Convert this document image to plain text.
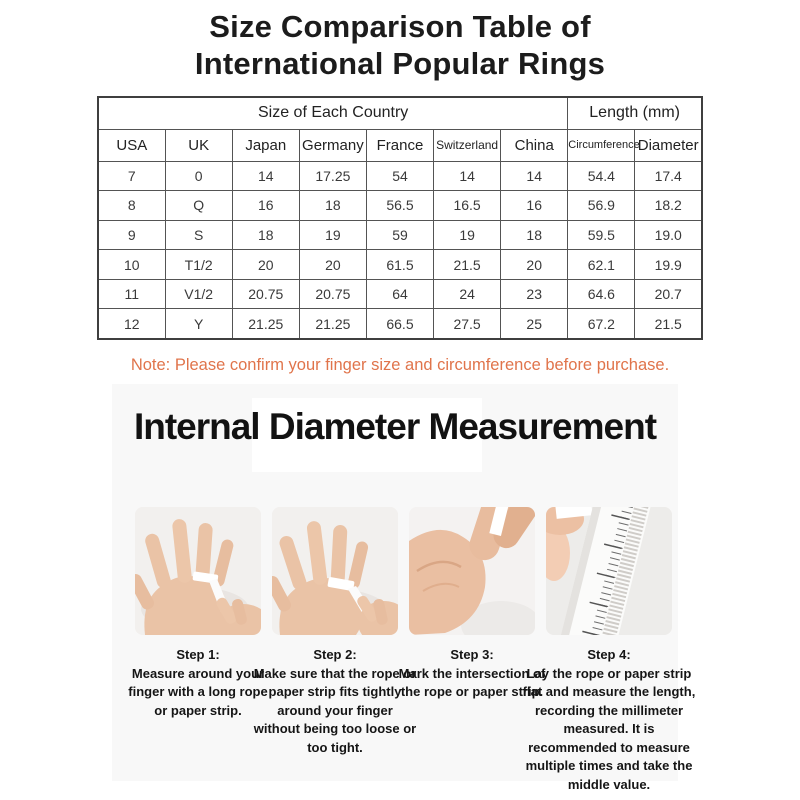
Size Comparison Table of
International Popular Rings
Size of Each Country							Length (mm)	
USA	UK	Japan	Germany	France	Switzerland	China	Circumference	Diameter
7	0	14	17.25	54	14	14	54.4	17.4
8	Q	16	18	56.5	16.5	16	56.9	18.2
9	S	18	19	59	19	18	59.5	19.0
10	T1/2	20	20	61.5	21.5	20	62.1	19.9
11	V1/2	20.75	20.75	64	24	23	64.6	20.7
12	Y	21.25	21.25	66.5	27.5	25	67.2	21.5
Note: Please confirm your finger size and circumference before purchase.
Internal Diameter Measurement
Step 1:
Measure around your finger with a long rope or paper strip.
Step 2:
Make sure that the rope or paper strip fits tightly around your finger without being too loose or too tight.
Step 3:
Mark the intersection of the rope or paper strip.
Step 4:
Lay the rope or paper strip flat and measure the length, recording the millimeter measured. It is recommended to measure multiple times and take the middle value.
